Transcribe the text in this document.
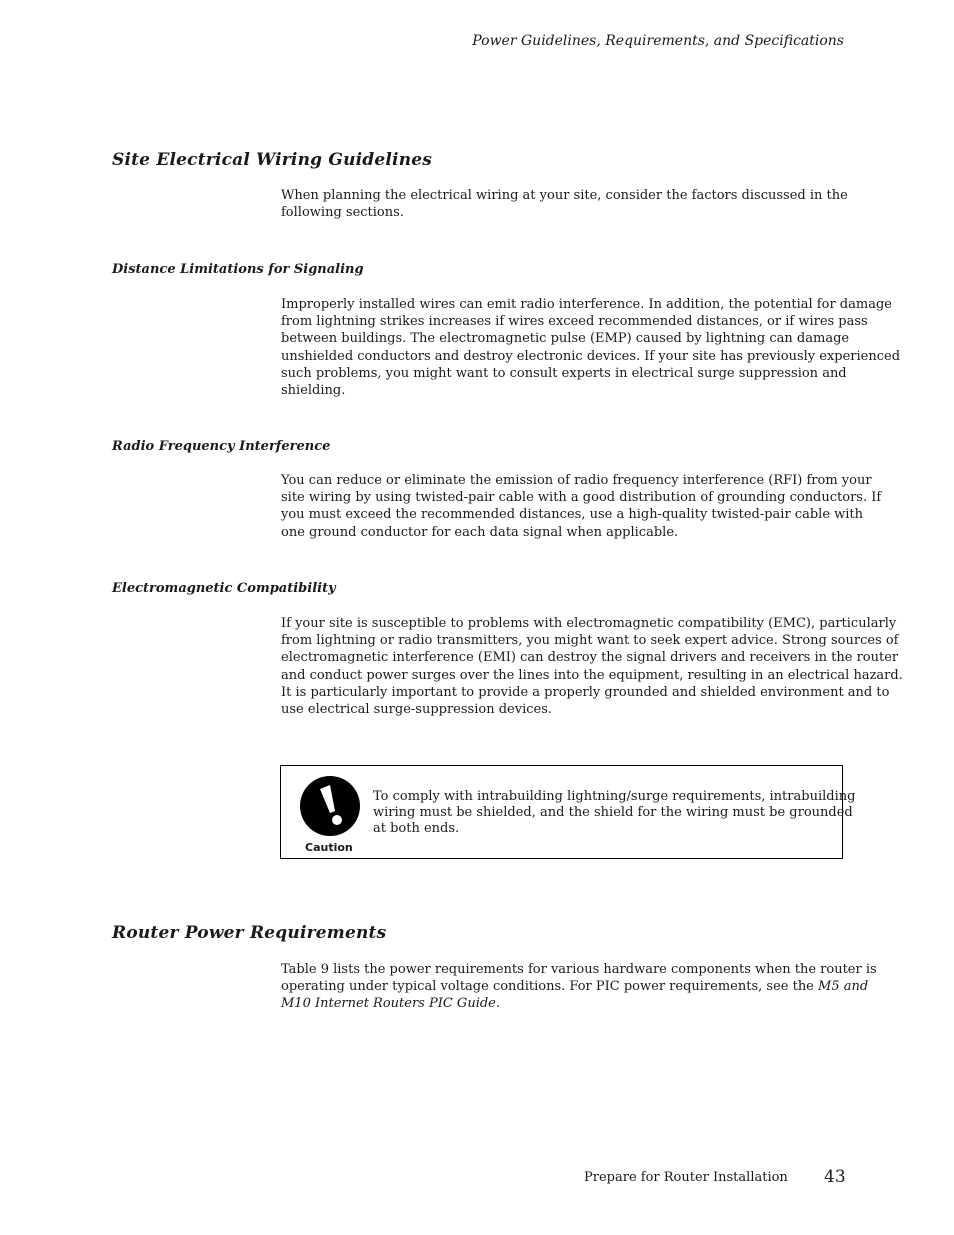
Power Guidelines, Requirements, and Specifications
Site Electrical Wiring Guidelines
When planning the electrical wiring at your site, consider the factors discussed in the
following sections.
Distance Limitations for Signaling
Improperly installed wires can emit radio interference. In addition, the potential for damage
from lightning strikes increases if wires exceed recommended distances, or if wires pass
between buildings. The electromagnetic pulse (EMP) caused by lightning can damage
unshielded conductors and destroy electronic devices. If your site has previously experienced
such problems, you might want to consult experts in electrical surge suppression and
shielding.
Radio Frequency Interference
You can reduce or eliminate the emission of radio frequency interference (RFI) from your
site wiring by using twisted-pair cable with a good distribution of grounding conductors. If
you must exceed the recommended distances, use a high-quality twisted-pair cable with
one ground conductor for each data signal when applicable.
Electromagnetic Compatibility
If your site is susceptible to problems with electromagnetic compatibility (EMC), particularly
from lightning or radio transmitters, you might want to seek expert advice. Strong sources of
electromagnetic interference (EMI) can destroy the signal drivers and receivers in the router
and conduct power surges over the lines into the equipment, resulting in an electrical hazard.
It is particularly important to provide a properly grounded and shielded environment and to
use electrical surge-suppression devices.
Caution
To comply with intrabuilding lightning/surge requirements, intrabuilding
wiring must be shielded, and the shield for the wiring must be grounded
at both ends.
Router Power Requirements
Table 9 lists the power requirements for various hardware components when the router is
operating under typical voltage conditions. For PIC power requirements, see the M5 and
M10 Internet Routers PIC Guide.
Prepare for Router Installation 43
